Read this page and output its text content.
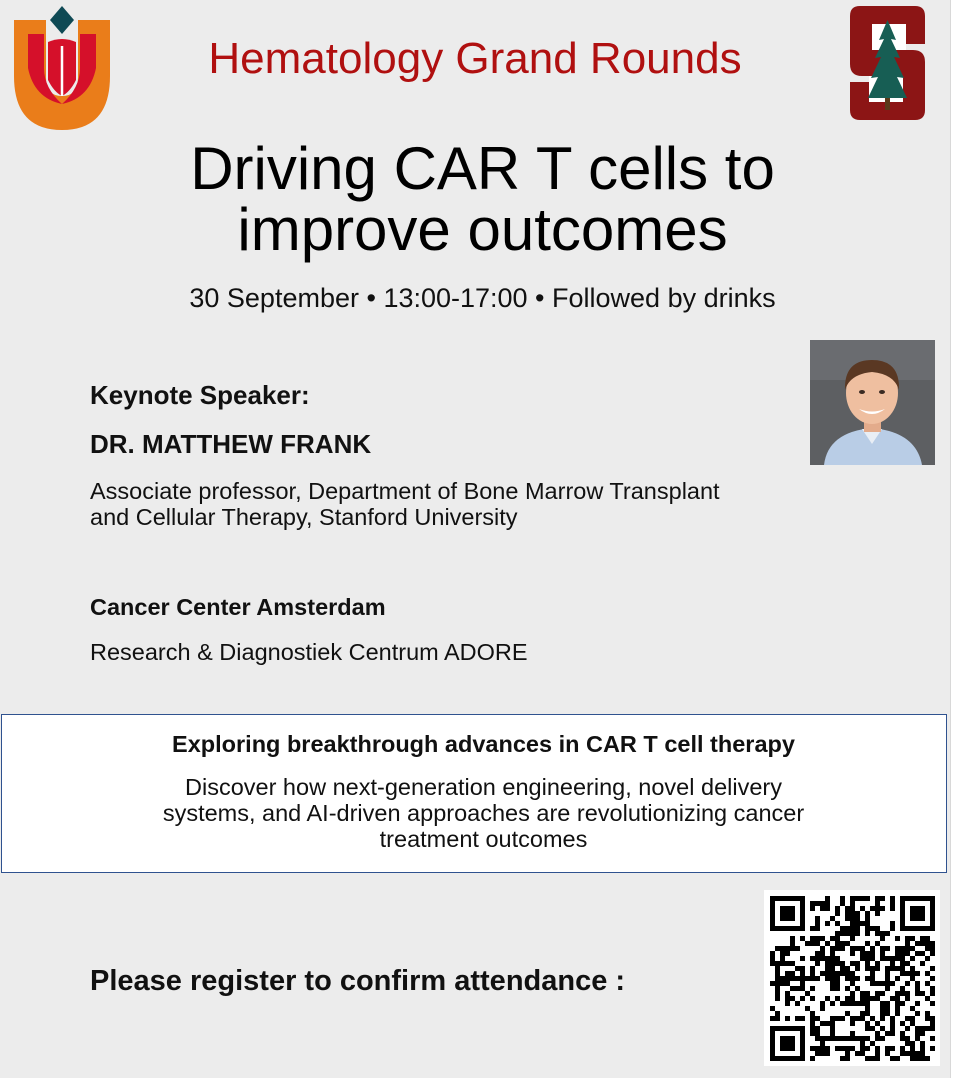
Hematology Grand Rounds
Driving CAR T cells to
improve outcomes
30 September • 13:00-17:00 • Followed by drinks
Keynote Speaker:
DR. MATTHEW FRANK
Associate professor, Department of Bone Marrow Transplant
and Cellular Therapy, Stanford University
Cancer Center Amsterdam
Research & Diagnostiek Centrum ADORE
Exploring breakthrough advances in CAR T cell therapy
Discover how next-generation engineering, novel delivery
systems, and AI-driven approaches are revolutionizing cancer
treatment outcomes
Please register to confirm attendance :
